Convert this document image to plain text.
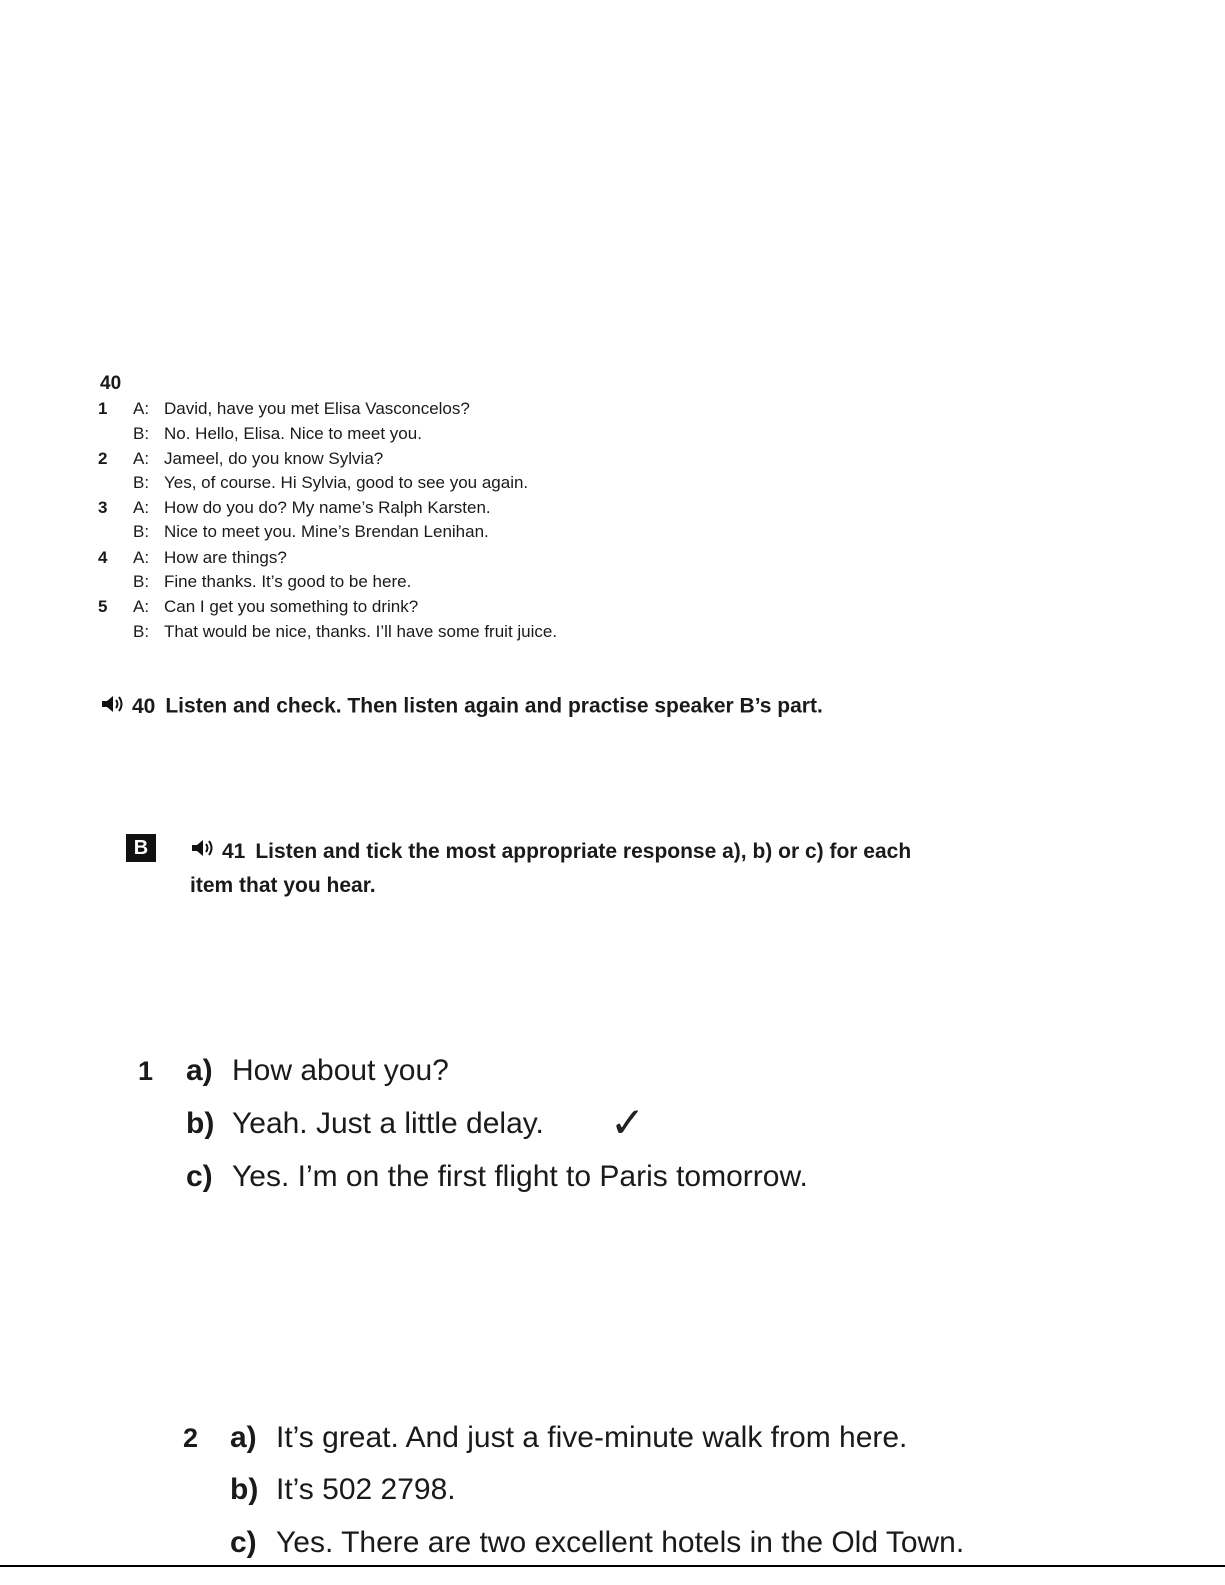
40
1 A: David, have you met Elisa Vasconcelos?
B: No. Hello, Elisa. Nice to meet you.
2 A: Jameel, do you know Sylvia?
B: Yes, of course. Hi Sylvia, good to see you again.
3 A: How do you do? My name’s Ralph Karsten.
B: Nice to meet you. Mine’s Brendan Lenihan.
4 A: How are things?
B: Fine thanks. It’s good to be here.
5 A: Can I get you something to drink?
B: That would be nice, thanks. I’ll have some fruit juice.
40 Listen and check. Then listen again and practise speaker B’s part.
B	41 Listen and tick the most appropriate response a), b) or c) for each item that you hear.
1 a) How about you?
b) Yeah. Just a little delay. ✓
c) Yes. I’m on the first flight to Paris tomorrow.
2 a) It’s great. And just a five-minute walk from here.
b) It’s 502 2798.
c) Yes. There are two excellent hotels in the Old Town.
